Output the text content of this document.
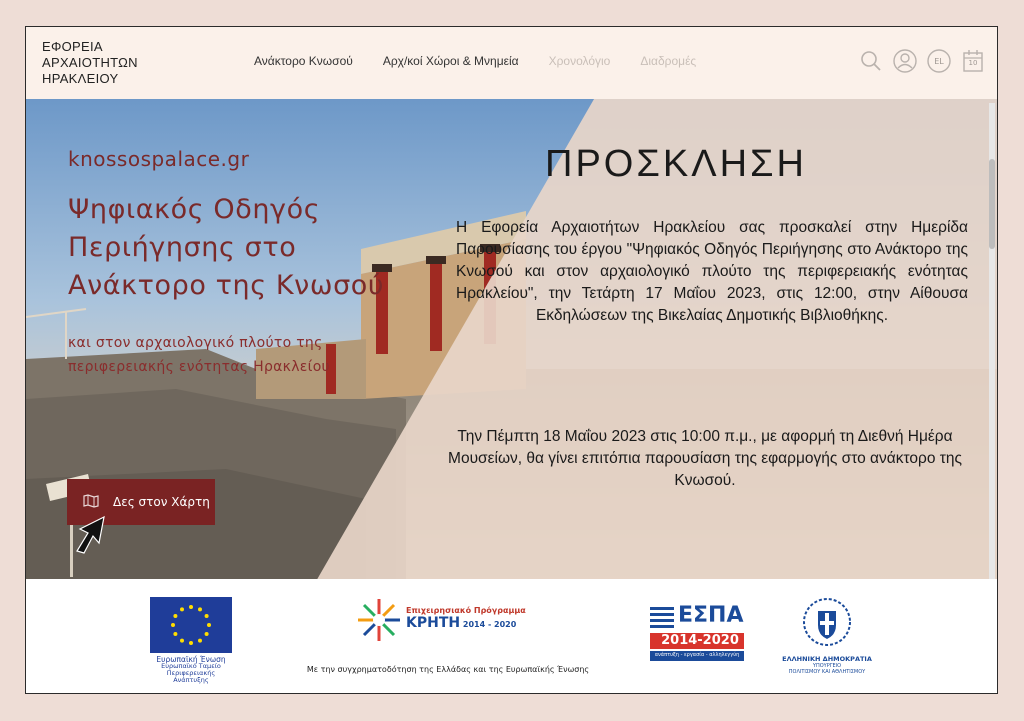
ΕΦΟΡΕΙΑ
ΑΡΧΑΙΟΤΗΤΩΝ
ΗΡΑΚΛΕΙΟΥ
Ανάκτορο Κνωσού	Αρχ/κοί Χώροι & Μνημεία	Χρονολόγιο	Διαδρομές	EL	10
knossospalace.gr
Ψηφιακός Οδηγός Περιήγησης στο Ανάκτορο της Κνωσού
και στον αρχαιολογικό πλούτο της περιφερειακής ενότητας Ηρακλείου
Δες στον Χάρτη
ΠΡΟΣΚΛΗΣΗ
Η Εφορεία Αρχαιοτήτων Ηρακλείου σας προσκαλεί στην Ημερίδα Παρουσίασης του έργου "Ψηφιακός Οδηγός Περιήγησης στο Ανάκτορο της Κνωσού και στον αρχαιολογικό πλούτο της περιφερειακής ενότητας Ηρακλείου", την Τετάρτη 17 Μαΐου 2023, στις 12:00, στην Αίθουσα Εκδηλώσεων της Βικελαίας Δημοτικής Βιβλιοθήκης.
Την Πέμπτη 18 Μαΐου 2023 στις 10:00 π.μ., με αφορμή τη Διεθνή Ημέρα Μουσείων, θα γίνει επιτόπια παρουσίαση της εφαρμογής στο ανάκτορο της Κνωσού.
Ευρωπαϊκή Ένωση
Ευρωπαϊκό Ταμείο
Περιφερειακής Ανάπτυξης
Επιχειρησιακό Πρόγραμμα
ΚΡΗΤΗ 2014 - 2020
Με την συγχρηματοδότηση της Ελλάδας και της Ευρωπαϊκής Ένωσης
ΕΣΠΑ
2014-2020
ανάπτυξη - εργασία - αλληλεγγύη	ΕΛΛΗΝΙΚΗ ΔΗΜΟΚΡΑΤΙΑ
ΥΠΟΥΡΓΕΙΟ
ΠΟΛΙΤΙΣΜΟΥ ΚΑΙ ΑΘΛΗΤΙΣΜΟΥ
